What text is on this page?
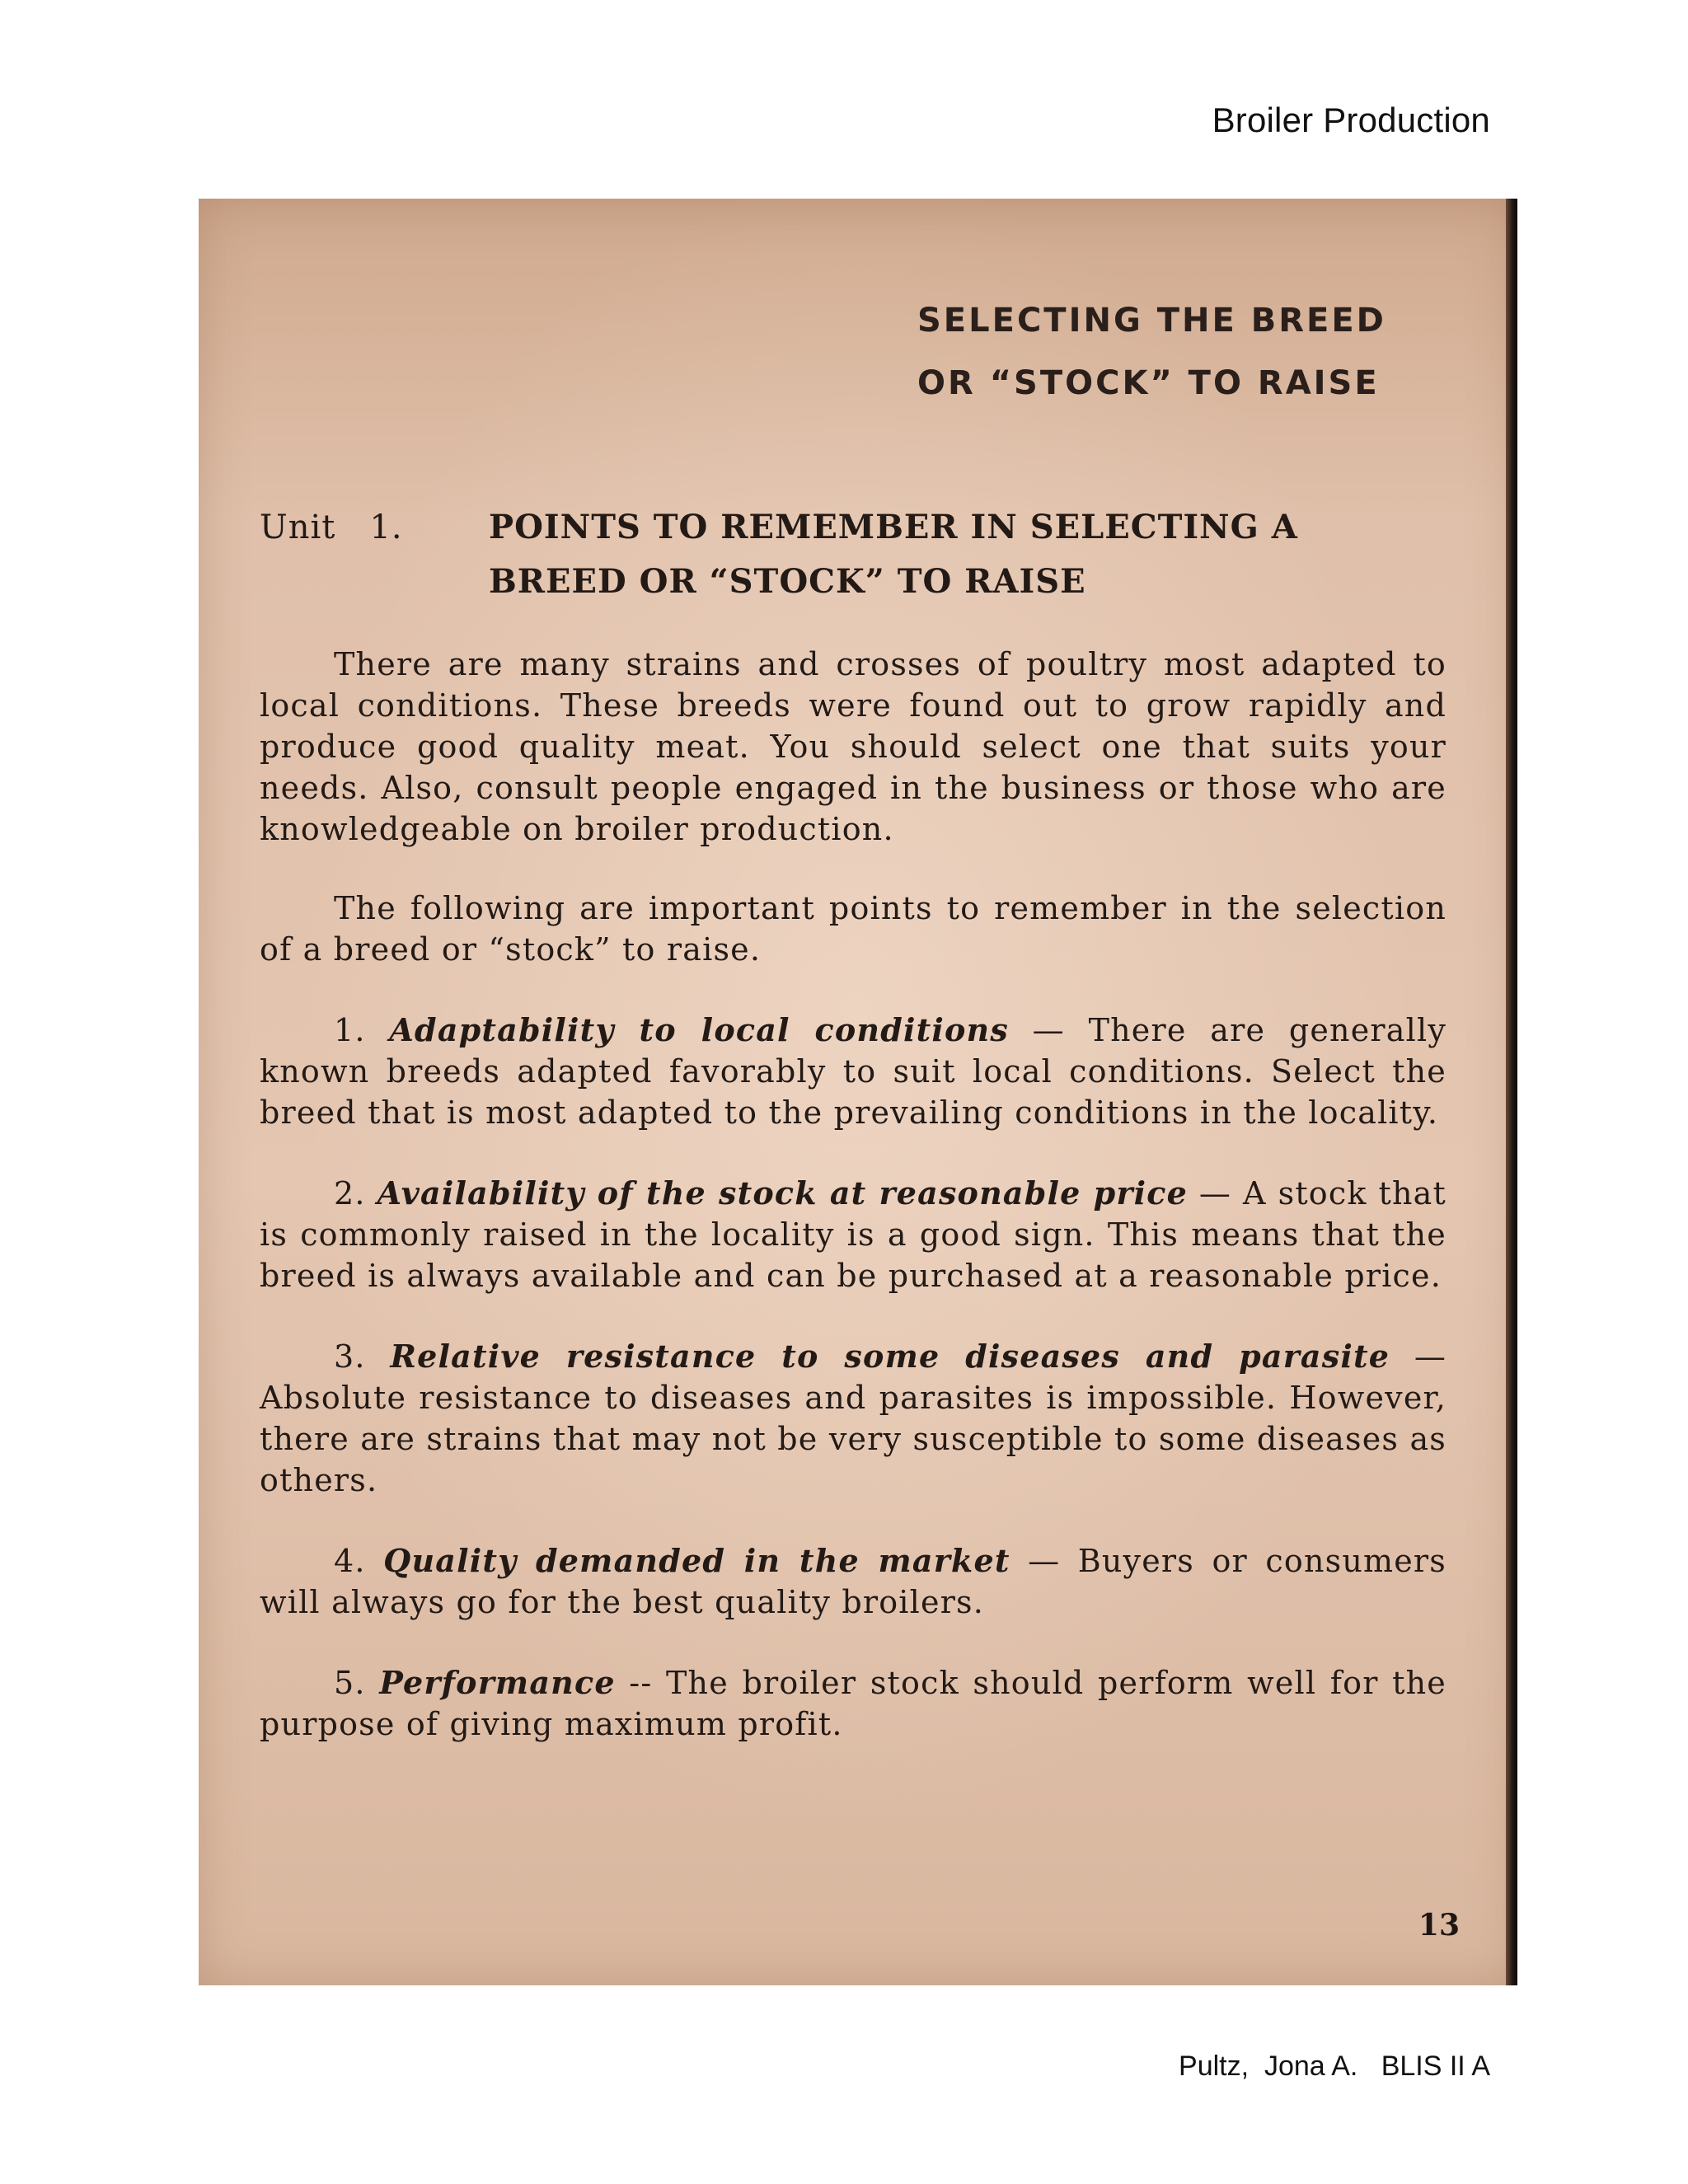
Broiler Production
SELECTING THE BREED
OR “STOCK” TO RAISE
Unit   1.	POINTS TO REMEMBER IN SELECTING A BREED OR “STOCK” TO RAISE

There are many strains and crosses of poultry most adapted to local conditions. These breeds were found out to grow rapidly and produce good quality meat. You should select one that suits your needs. Also, consult people engaged in the business or those who are knowledgeable on broiler production.

The following are important points to remember in the selection of a breed or “stock” to raise.

1. Adaptability to local conditions — There are generally known breeds adapted favorably to suit local conditions. Select the breed that is most adapted to the prevailing conditions in the locality.

2. Availability of the stock at reasonable price — A stock that is commonly raised in the locality is a good sign. This means that the breed is always available and can be purchased at a reasonable price.

3. Relative resistance to some diseases and parasite — Absolute resistance to diseases and parasites is impossible. However, there are strains that may not be very susceptible to some diseases as others.

4. Quality demanded in the market — Buyers or consumers will always go for the best quality broilers.

5. Performance -- The broiler stock should perform well for the purpose of giving maximum profit.

13
Pultz,  Jona A.   BLIS II A
